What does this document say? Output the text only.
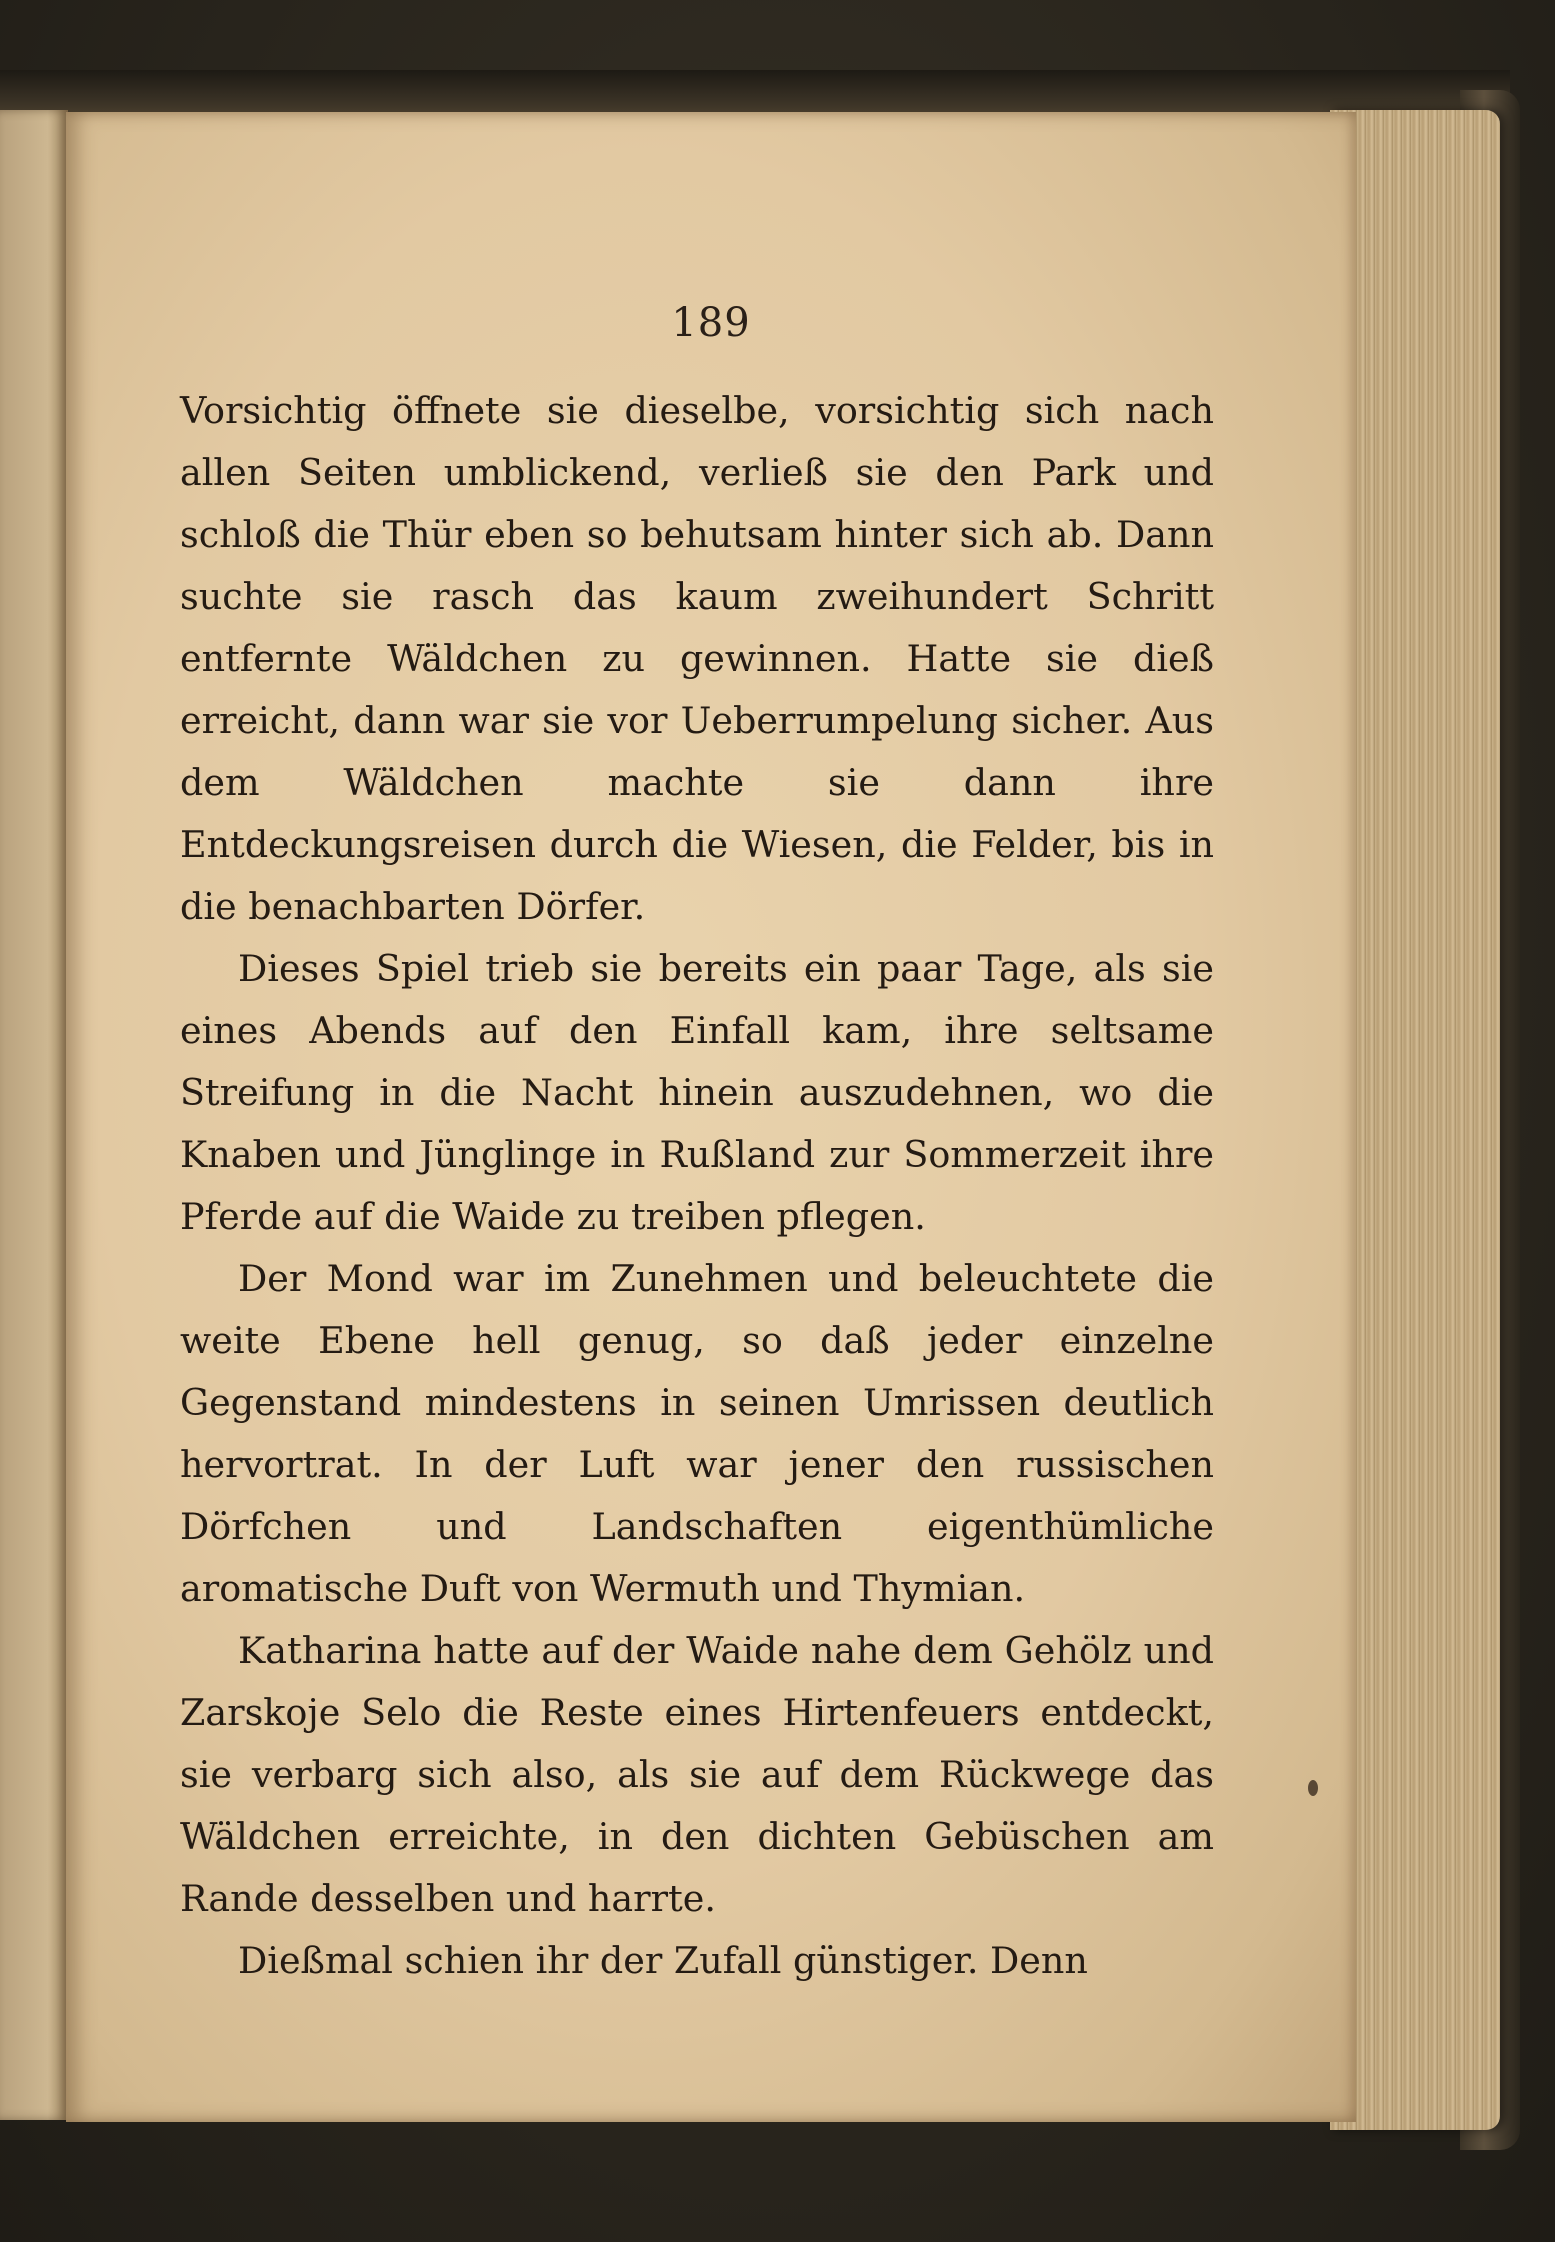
189

Vorsichtig öffnete sie dieselbe, vorsichtig sich nach allen Seiten umblickend, verließ sie den Park und schloß die Thür eben so behutsam hinter sich ab. Dann suchte sie rasch das kaum zweihundert Schritt entfernte Wäldchen zu gewinnen. Hatte sie dieß erreicht, dann war sie vor Ueberrumpelung sicher. Aus dem Wäldchen machte sie dann ihre Entdeckungsreisen durch die Wiesen, die Felder, bis in die benachbarten Dörfer.

Dieses Spiel trieb sie bereits ein paar Tage, als sie eines Abends auf den Einfall kam, ihre seltsame Streifung in die Nacht hinein auszudehnen, wo die Knaben und Jünglinge in Rußland zur Sommerzeit ihre Pferde auf die Waide zu treiben pflegen.

Der Mond war im Zunehmen und beleuchtete die weite Ebene hell genug, so daß jeder einzelne Gegenstand mindestens in seinen Umrissen deutlich hervortrat. In der Luft war jener den russischen Dörfchen und Landschaften eigenthümliche aromatische Duft von Wermuth und Thymian.

Katharina hatte auf der Waide nahe dem Gehölz und Zarskoje Selo die Reste eines Hirtenfeuers entdeckt, sie verbarg sich also, als sie auf dem Rückwege das Wäldchen erreichte, in den dichten Gebüschen am Rande desselben und harrte.

Dießmal schien ihr der Zufall günstiger. Denn
